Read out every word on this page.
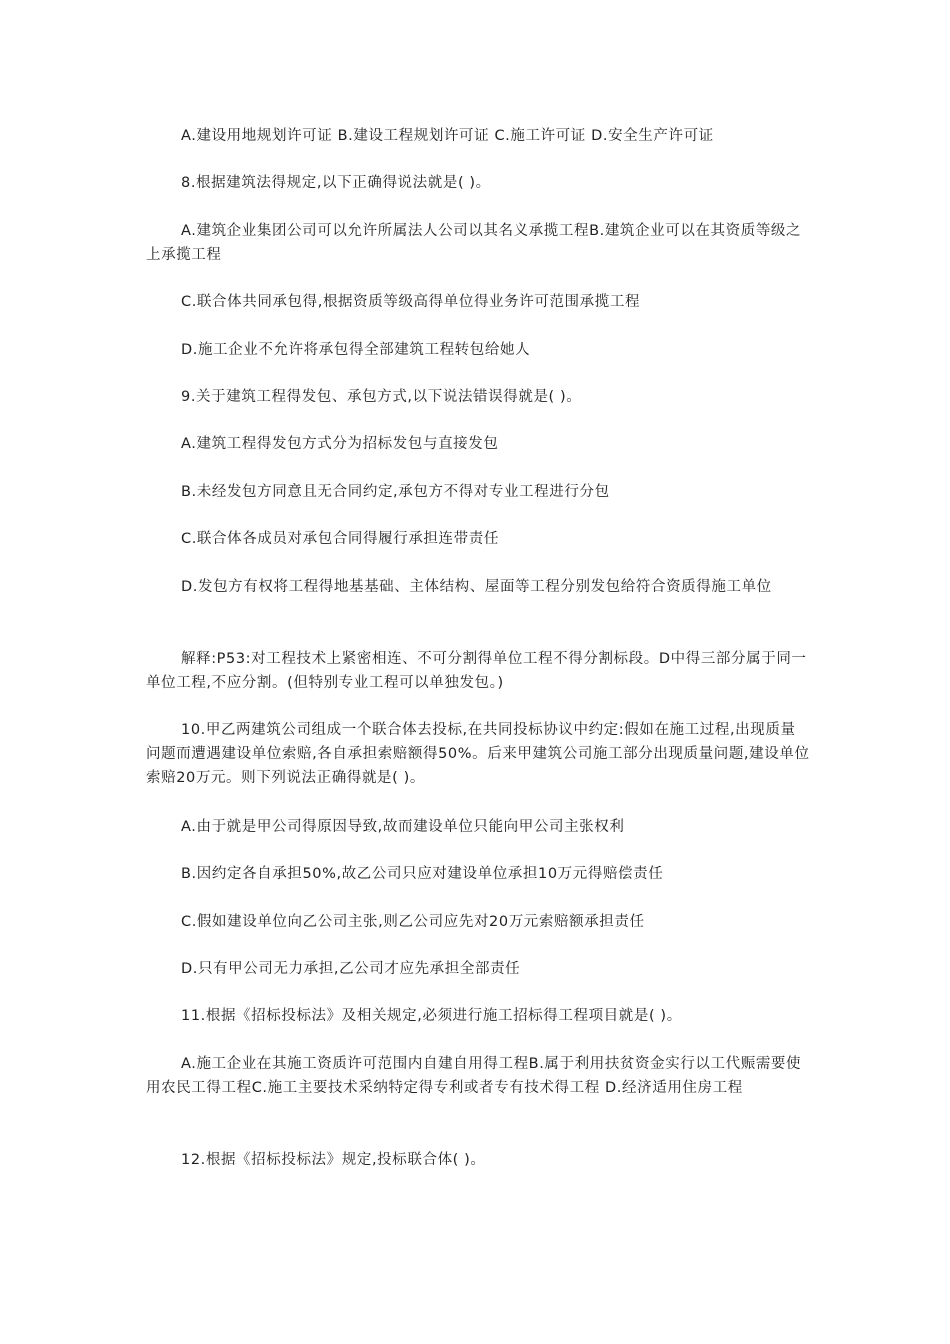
A.建设用地规划许可证 B.建设工程规划许可证 C.施工许可证 D.安全生产许可证
8.根据建筑法得规定,以下正确得说法就是( )。
A.建筑企业集团公司可以允许所属法人公司以其名义承揽工程B.建筑企业可以在其资质等级之上承揽工程
C.联合体共同承包得,根据资质等级高得单位得业务许可范围承揽工程
D.施工企业不允许将承包得全部建筑工程转包给她人
9.关于建筑工程得发包、承包方式,以下说法错误得就是( )。
A.建筑工程得发包方式分为招标发包与直接发包
B.未经发包方同意且无合同约定,承包方不得对专业工程进行分包
C.联合体各成员对承包合同得履行承担连带责任
D.发包方有权将工程得地基基础、主体结构、屋面等工程分别发包给符合资质得施工单位
解释:P53:对工程技术上紧密相连、不可分割得单位工程不得分割标段。D中得三部分属于同一单位工程,不应分割。(但特别专业工程可以单独发包。)
10.甲乙两建筑公司组成一个联合体去投标,在共同投标协议中约定:假如在施工过程,出现质量问题而遭遇建设单位索赔,各自承担索赔额得50%。后来甲建筑公司施工部分出现质量问题,建设单位索赔20万元。则下列说法正确得就是( )。
A.由于就是甲公司得原因导致,故而建设单位只能向甲公司主张权利
B.因约定各自承担50%,故乙公司只应对建设单位承担10万元得赔偿责任
C.假如建设单位向乙公司主张,则乙公司应先对20万元索赔额承担责任
D.只有甲公司无力承担,乙公司才应先承担全部责任
11.根据《招标投标法》及相关规定,必须进行施工招标得工程项目就是( )。
A.施工企业在其施工资质许可范围内自建自用得工程B.属于利用扶贫资金实行以工代赈需要使用农民工得工程C.施工主要技术采纳特定得专利或者专有技术得工程 D.经济适用住房工程
12.根据《招标投标法》规定,投标联合体( )。
